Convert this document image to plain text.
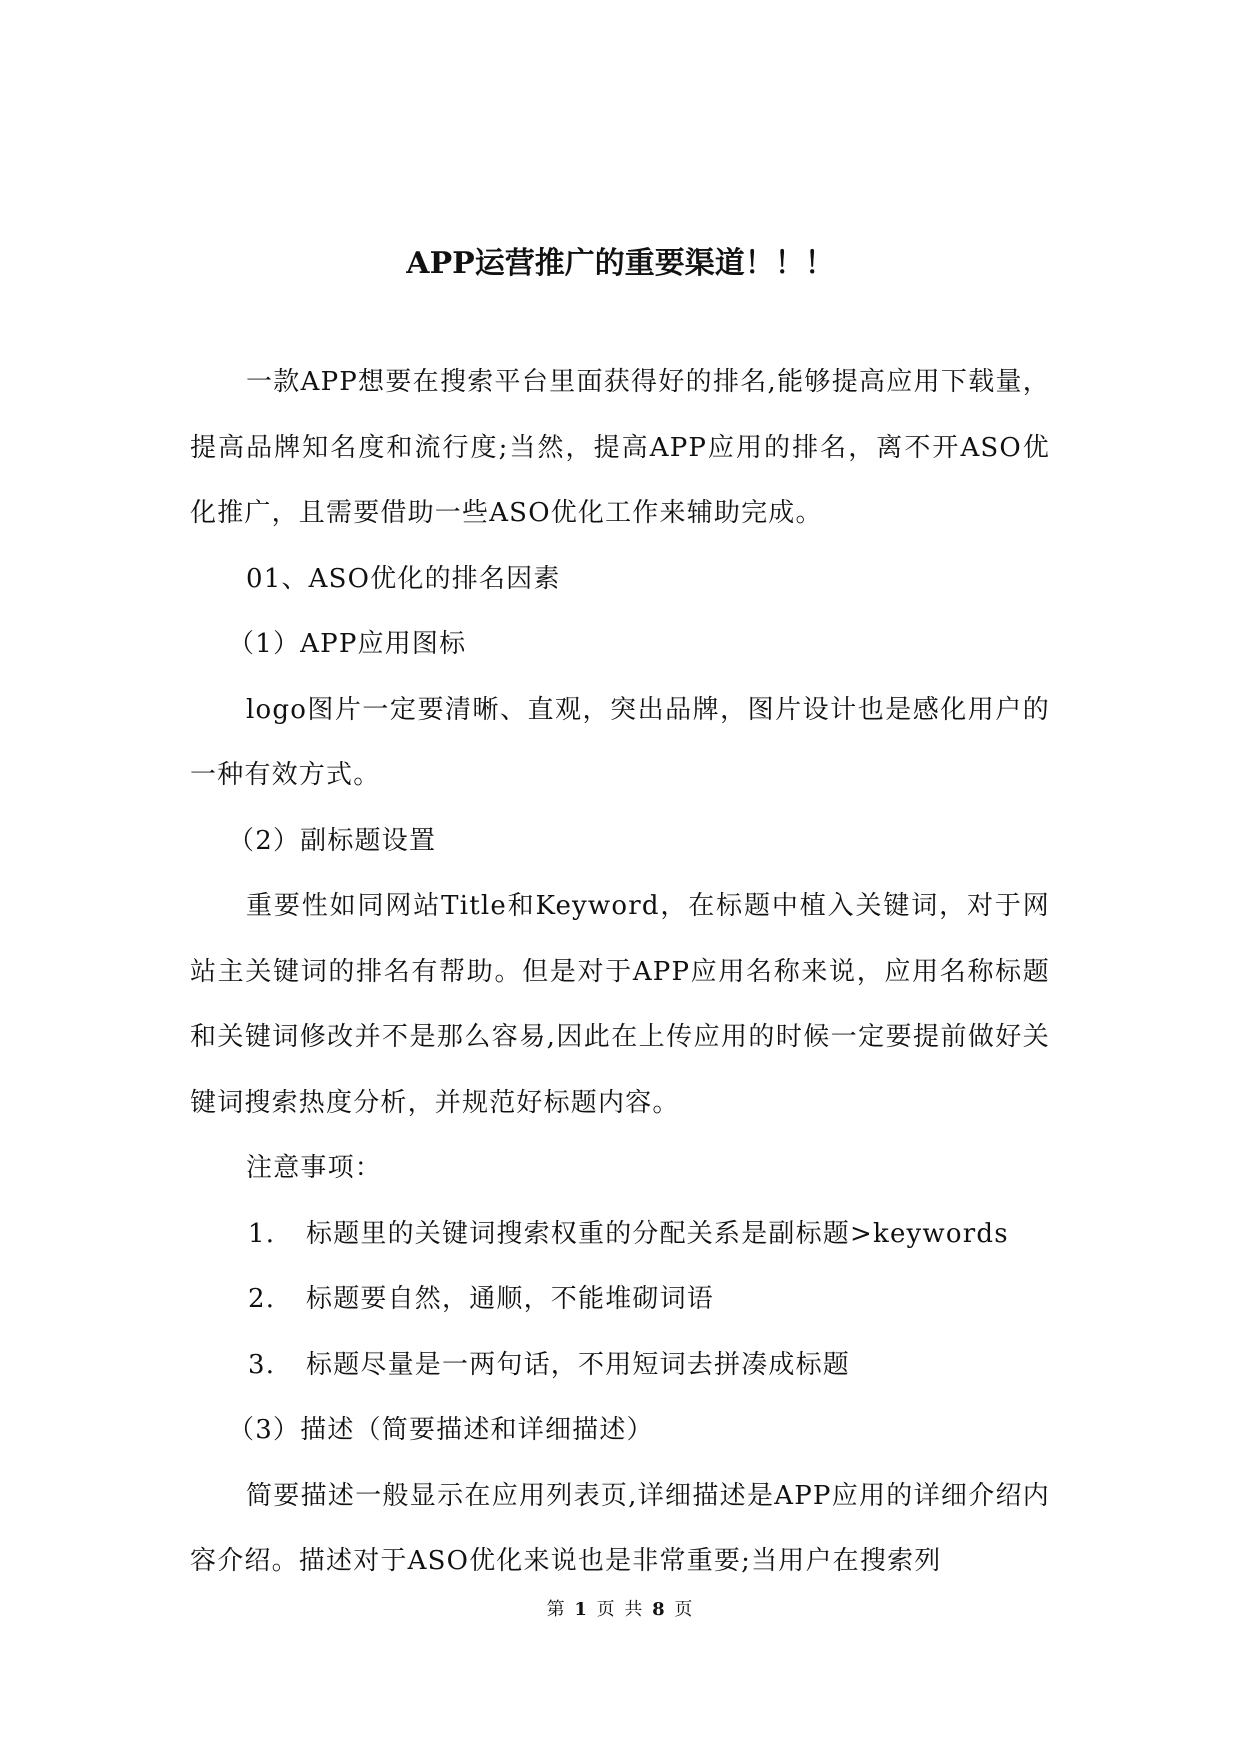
APP运营推广的重要渠道！！！

一款APP想要在搜索平台里面获得好的排名,能够提高应用下载量，提高品牌知名度和流行度;当然，提高APP应用的排名，离不开ASO优化推广，且需要借助一些ASO优化工作来辅助完成。

01、ASO优化的排名因素

（1）APP应用图标

logo图片一定要清晰、直观，突出品牌，图片设计也是感化用户的一种有效方式。

（2）副标题设置

重要性如同网站Title和Keyword，在标题中植入关键词，对于网站主关键词的排名有帮助。但是对于APP应用名称来说，应用名称标题和关键词修改并不是那么容易,因此在上传应用的时候一定要提前做好关键词搜索热度分析，并规范好标题内容。

注意事项：

1. 标题里的关键词搜索权重的分配关系是副标题>keywords

2. 标题要自然，通顺，不能堆砌词语

3. 标题尽量是一两句话，不用短词去拼凑成标题

（3）描述（简要描述和详细描述）

简要描述一般显示在应用列表页,详细描述是APP应用的详细介绍内容介绍。描述对于ASO优化来说也是非常重要;当用户在搜索列

第 1 页 共 8 页
